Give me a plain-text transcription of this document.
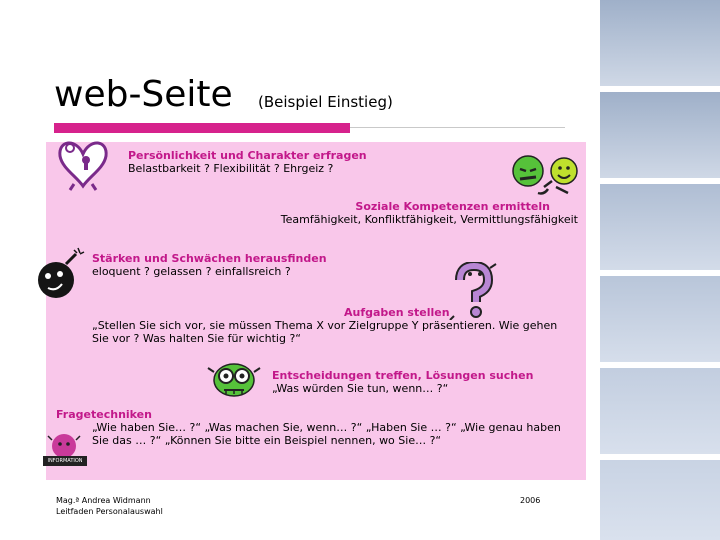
web-Seite (Beispiel Einstieg)
Persönlichkeit und Charakter erfragen
Belastbarkeit ? Flexibilität ? Ehrgeiz ?
Soziale Kompetenzen ermitteln
Teamfähigkeit, Konfliktfähigkeit, Vermittlungsfähigkeit
Stärken und Schwächen herausfinden
eloquent ? gelassen ? einfallsreich ?
Aufgaben stellen
„Stellen Sie sich vor, sie müssen Thema X vor Zielgruppe Y präsentieren. Wie gehen
Sie vor ? Was halten Sie für wichtig ?“
Entscheidungen treffen, Lösungen suchen
„Was würden Sie tun, wenn… ?“
Fragetechniken
„Wie haben Sie… ?“ „Was machen Sie, wenn… ?“ „Haben Sie … ?“ „Wie genau haben
Sie das … ?“ „Können Sie bitte ein Beispiel nennen, wo Sie… ?“
INFORMATION
Mag.ª Andrea Widmann
Leitfaden Personalauswahl
2006
